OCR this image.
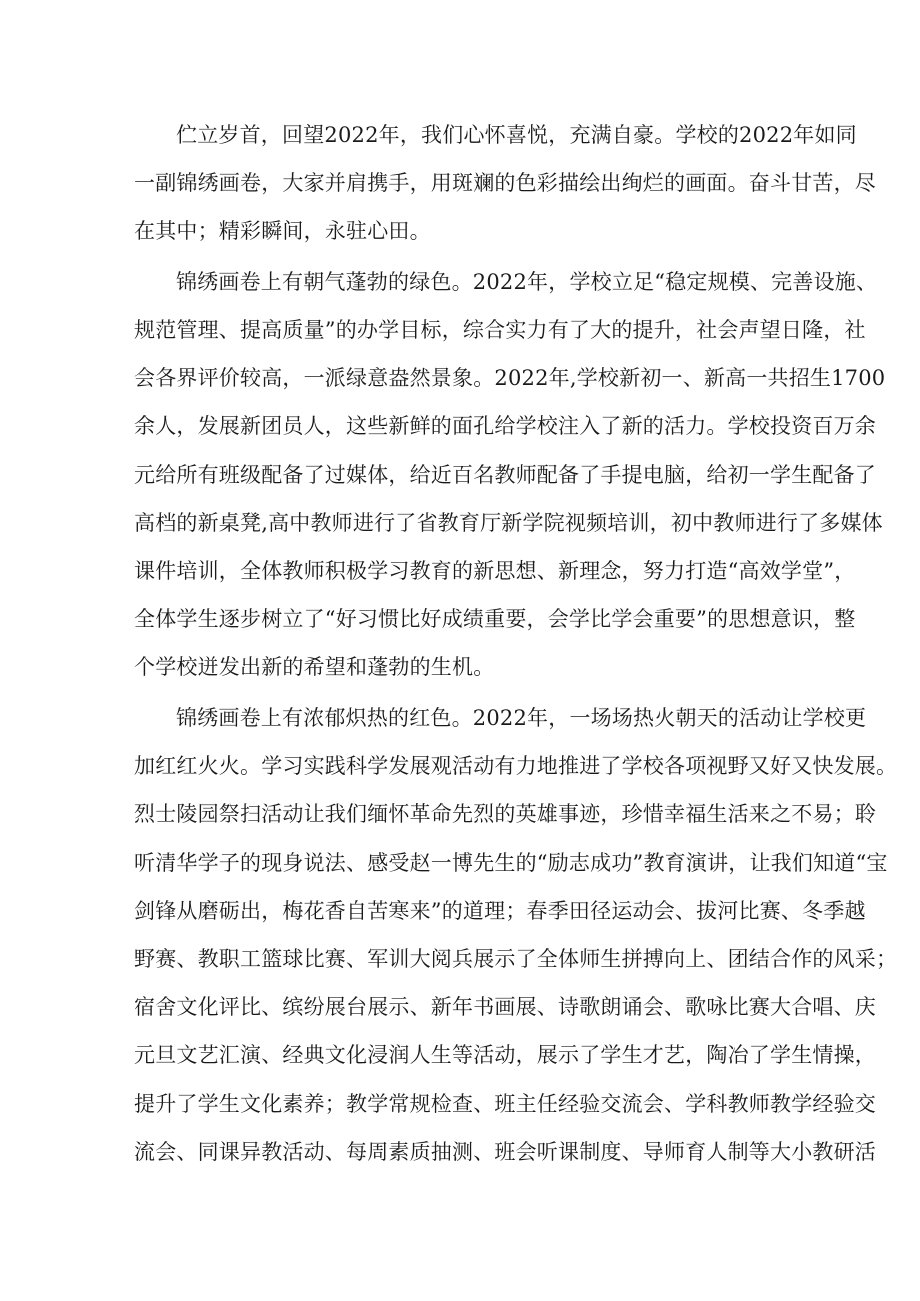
伫立岁首，回望2022年，我们心怀喜悦，充满自豪。学校的2022年如同
一副锦绣画卷，大家并肩携手，用斑斓的色彩描绘出绚烂的画面。奋斗甘苦，尽
在其中；精彩瞬间，永驻心田。
锦绣画卷上有朝气蓬勃的绿色。2022年，学校立足“稳定规模、完善设施、
规范管理、提高质量”的办学目标，综合实力有了大的提升，社会声望日隆，社
会各界评价较高，一派绿意盎然景象。2022年,学校新初一、新高一共招生1700
余人，发展新团员人，这些新鲜的面孔给学校注入了新的活力。学校投资百万余
元给所有班级配备了过媒体，给近百名教师配备了手提电脑，给初一学生配备了
高档的新桌凳,高中教师进行了省教育厅新学院视频培训，初中教师进行了多媒体
课件培训，全体教师积极学习教育的新思想、新理念，努力打造“高效学堂”，
全体学生逐步树立了“好习惯比好成绩重要，会学比学会重要”的思想意识，整
个学校迸发出新的希望和蓬勃的生机。
锦绣画卷上有浓郁炽热的红色。2022年，一场场热火朝天的活动让学校更
加红红火火。学习实践科学发展观活动有力地推进了学校各项视野又好又快发展。
烈士陵园祭扫活动让我们缅怀革命先烈的英雄事迹，珍惜幸福生活来之不易；聆
听清华学子的现身说法、感受赵一博先生的“励志成功”教育演讲，让我们知道“宝
剑锋从磨砺出，梅花香自苦寒来”的道理；春季田径运动会、拔河比赛、冬季越
野赛、教职工篮球比赛、军训大阅兵展示了全体师生拼搏向上、团结合作的风采；
宿舍文化评比、缤纷展台展示、新年书画展、诗歌朗诵会、歌咏比赛大合唱、庆
元旦文艺汇演、经典文化浸润人生等活动，展示了学生才艺，陶冶了学生情操，
提升了学生文化素养；教学常规检查、班主任经验交流会、学科教师教学经验交
流会、同课异教活动、每周素质抽测、班会听课制度、导师育人制等大小教研活
